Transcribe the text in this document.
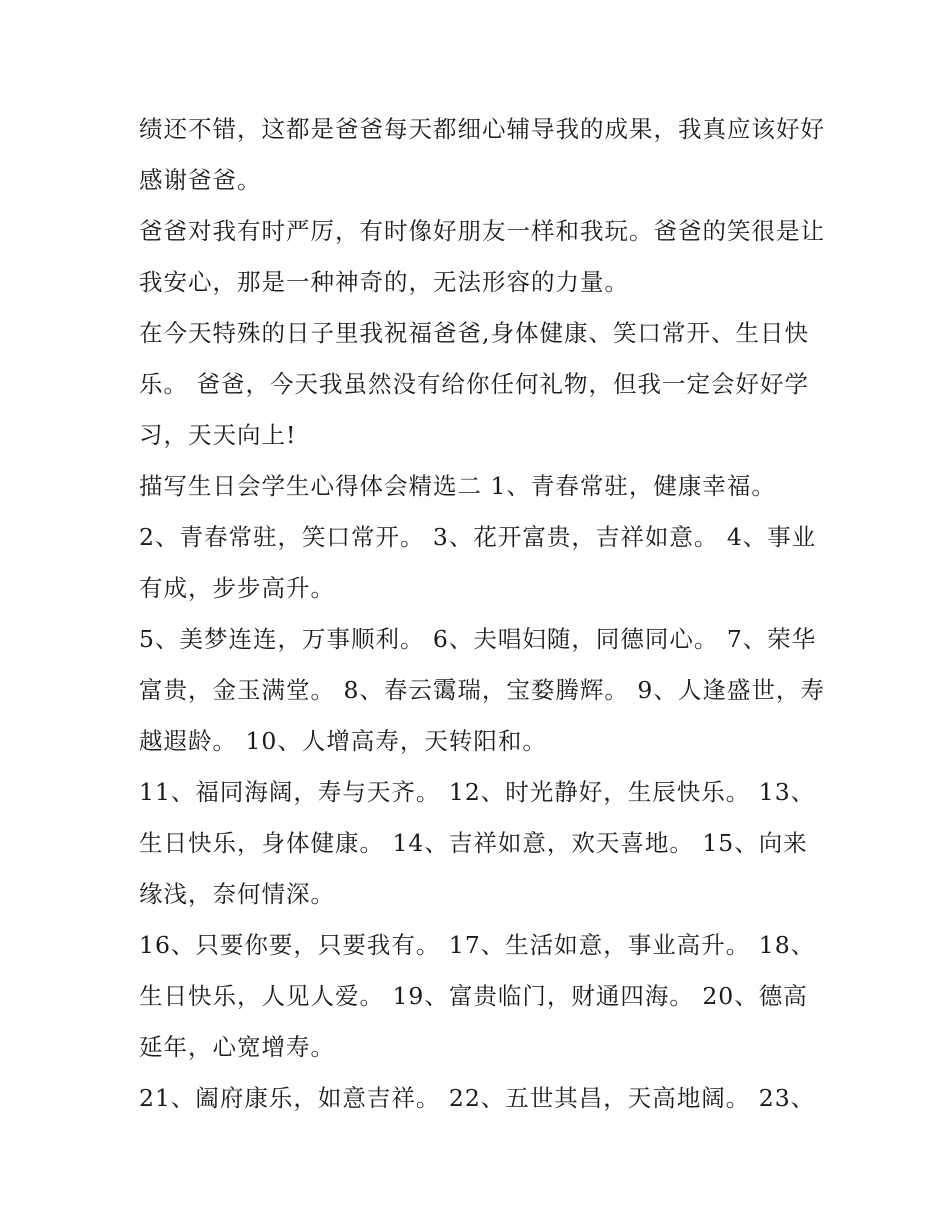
绩还不错，这都是爸爸每天都细心辅导我的成果，我真应该好好感谢爸爸。

爸爸对我有时严厉，有时像好朋友一样和我玩。爸爸的笑很是让我安心，那是一种神奇的，无法形容的力量。

在今天特殊的日子里我祝福爸爸,身体健康、笑口常开、生日快乐。 爸爸，今天我虽然没有给你任何礼物，但我一定会好好学习，天天向上!

描写生日会学生心得体会精选二 1、青春常驻，健康幸福。

2、青春常驻，笑口常开。 3、花开富贵，吉祥如意。 4、事业有成，步步高升。

5、美梦连连，万事顺利。 6、夫唱妇随，同德同心。 7、荣华富贵，金玉满堂。 8、春云霭瑞，宝婺腾辉。 9、人逢盛世，寿越遐龄。 10、人增高寿，天转阳和。

11、福同海阔，寿与天齐。 12、时光静好，生辰快乐。 13、生日快乐，身体健康。 14、吉祥如意，欢天喜地。 15、向来缘浅，奈何情深。

16、只要你要，只要我有。 17、生活如意，事业高升。 18、生日快乐，人见人爱。 19、富贵临门，财通四海。 20、德高延年，心宽增寿。

21、阖府康乐，如意吉祥。 22、五世其昌，天高地阔。 23、
